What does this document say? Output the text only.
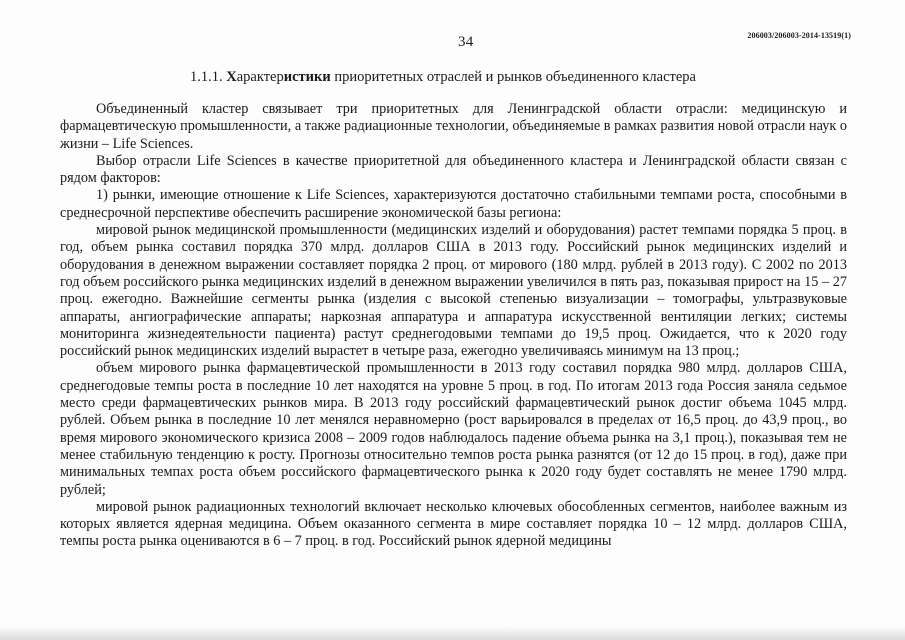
206003/206003-2014-13519(1)
34
1.1.1. Характеристики приоритетных отраслей и рынков объединенного кластера

Объединенный кластер связывает три приоритетных для Ленинградской области отрасли: медицинскую и фармацевтическую промышленности, а также радиационные технологии, объединяемые в рамках развития новой отрасли наук о жизни – Life Sciences.

Выбор отрасли Life Sciences в качестве приоритетной для объединенного кластера и Ленинградской области связан с рядом факторов:

1) рынки, имеющие отношение к Life Sciences, характеризуются достаточно стабильными темпами роста, способными в среднесрочной перспективе обеспечить расширение экономической базы региона:

мировой рынок медицинской промышленности (медицинских изделий и оборудования) растет темпами порядка 5 проц. в год, объем рынка составил порядка 370 млрд. долларов США в 2013 году. Российский рынок медицинских изделий и оборудования в денежном выражении составляет порядка 2 проц. от мирового (180 млрд. рублей в 2013 году). С 2002 по 2013 год объем российского рынка медицинских изделий в денежном выражении увеличился в пять раз, показывая прирост на 15 – 27 проц. ежегодно. Важнейшие сегменты рынка (изделия с высокой степенью визуализации – томографы, ультразвуковые аппараты, ангиографические аппараты; наркозная аппаратура и аппаратура искусственной вентиляции легких; системы мониторинга жизнедеятельности пациента) растут среднегодовыми темпами до 19,5 проц. Ожидается, что к 2020 году российский рынок медицинских изделий вырастет в четыре раза, ежегодно увеличиваясь минимум на 13 проц.;

объем мирового рынка фармацевтической промышленности в 2013 году составил порядка 980 млрд. долларов США, среднегодовые темпы роста в последние 10 лет находятся на уровне 5 проц. в год. По итогам 2013 года Россия заняла седьмое место среди фармацевтических рынков мира. В 2013 году российский фармацевтический рынок достиг объема 1045 млрд. рублей. Объем рынка в последние 10 лет менялся неравномерно (рост варьировался в пределах от 16,5 проц. до 43,9 проц., во время мирового экономического кризиса 2008 – 2009 годов наблюдалось падение объема рынка на 3,1 проц.), показывая тем не менее стабильную тенденцию к росту. Прогнозы относительно темпов роста рынка разнятся (от 12 до 15 проц. в год), даже при минимальных темпах роста объем российского фармацевтического рынка к 2020 году будет составлять не менее 1790 млрд. рублей;

мировой рынок радиационных технологий включает несколько ключевых обособленных сегментов, наиболее важным из которых является ядерная медицина. Объем оказанного сегмента в мире составляет порядка 10 – 12 млрд. долларов США, темпы роста рынка оцениваются в 6 – 7 проц. в год. Российский рынок ядерной медицины
